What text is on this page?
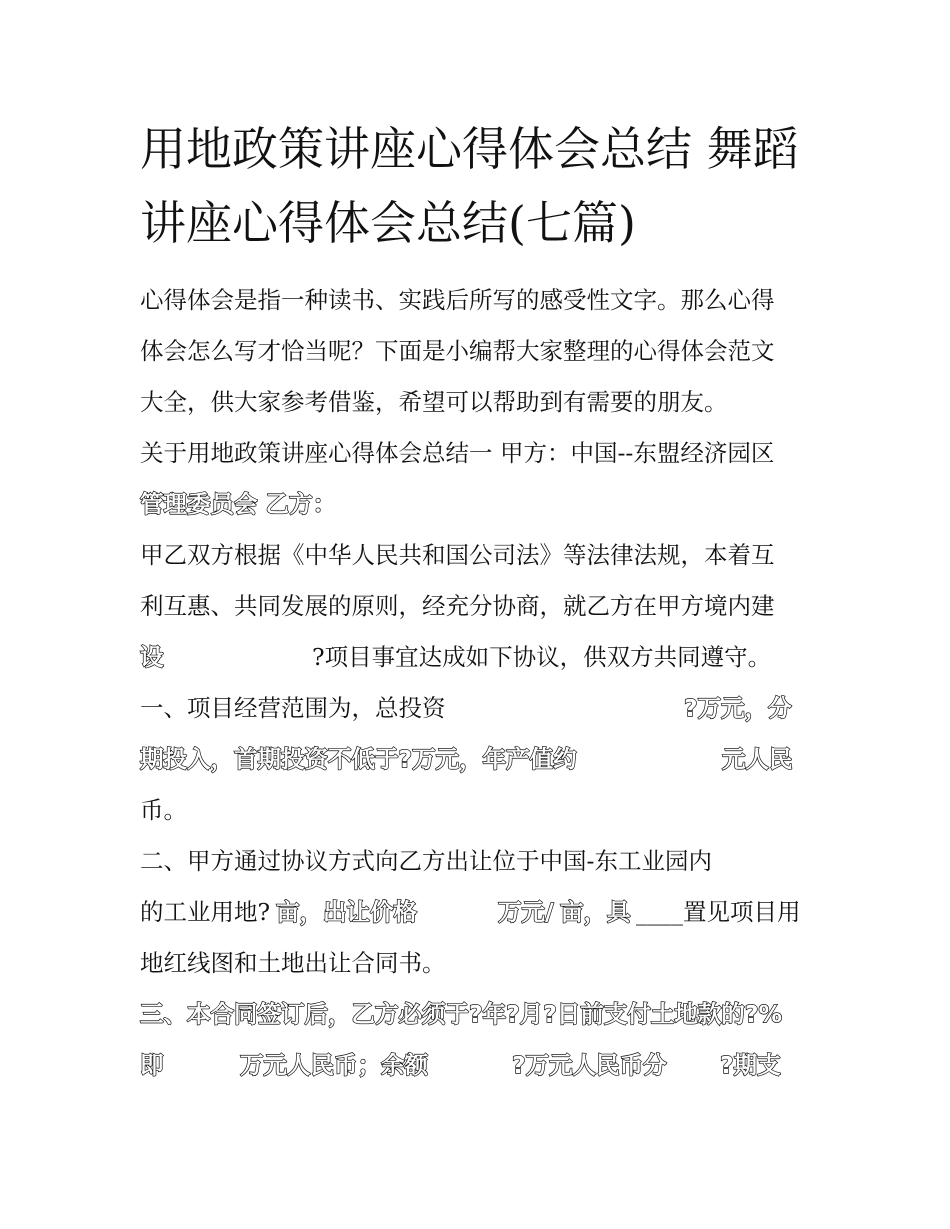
用地政策讲座心得体会总结 舞蹈讲座心得体会总结(七篇)

心得体会是指一种读书、实践后所写的感受性文字。那么心得

体会怎么写才恰当呢？下面是小编帮大家整理的心得体会范文

大全，供大家参考借鉴，希望可以帮助到有需要的朋友。

关于用地政策讲座心得体会总结一 甲方：中国--东盟经济园区

管理委员会 乙方：

甲乙双方根据《中华人民共和国公司法》等法律法规，本着互

利互惠、共同发展的原则，经充分协商，就乙方在甲方境内建

设	?项目事宜达成如下协议，供双方共同遵守。
一、项目经营范围为，总投资	?万元，分
期投入，首期投资不低于?万元，年产值约	元人民

币。

二、甲方通过协议方式向乙方出让位于中国-东工业园内

的工业用地? 亩，出让价格	万元/ 亩，具 ____置见项目用

地红线图和土地出让合同书。

三、本合同签订后，乙方必须于?年?月?日前支付土地款的?%

即	万元人民币；余额	?万元人民币分 ?期支
